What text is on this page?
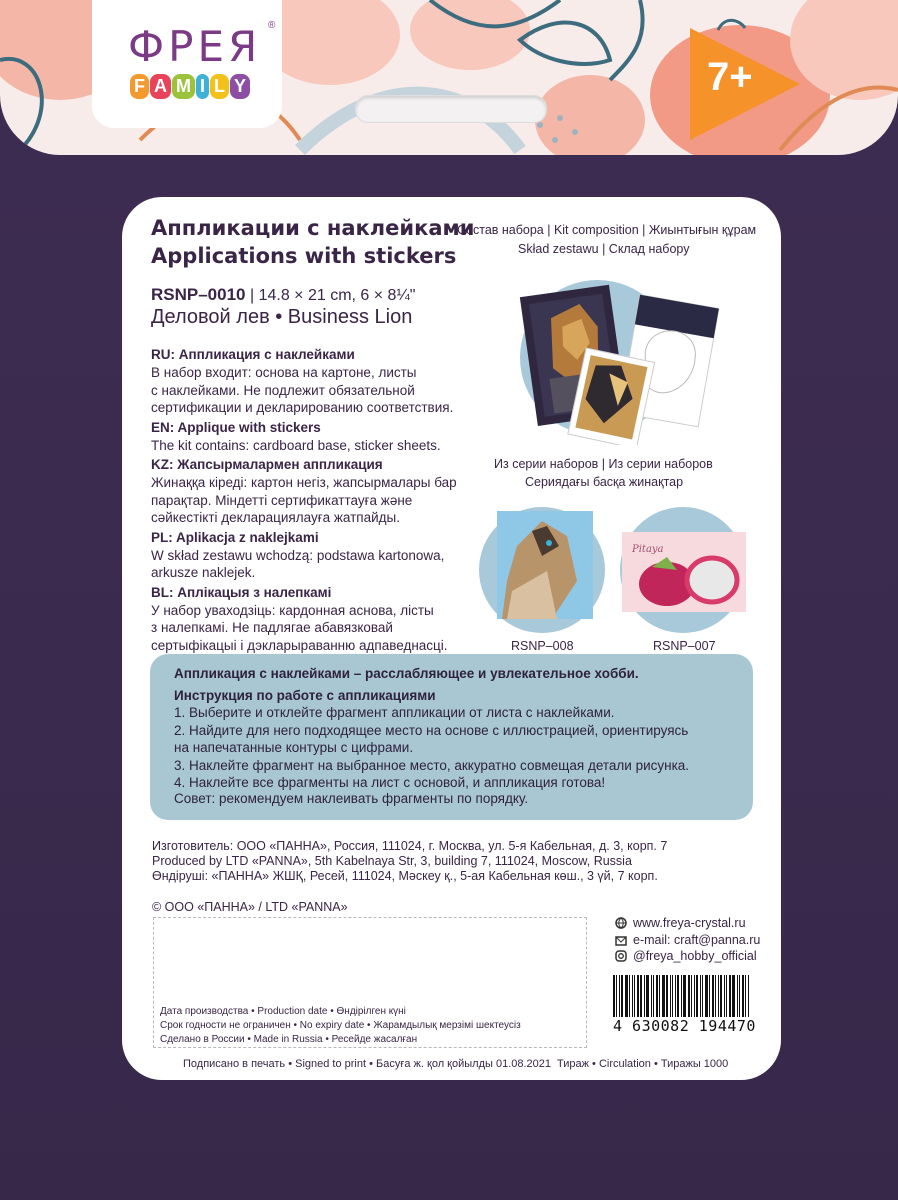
ФРЕЯ ®
F A M I L Y	7+
Аппликации с наклейками
Applications with stickers
RSNP–0010 | 14.8 × 21 cm, 6 × 8¼"
Деловой лев • Business Lion
RU: Аппликация с наклейками
В набор входит: основа на картоне, листы
с наклейками. Не подлежит обязательной
сертификации и декларированию соответствия.
EN: Applique with stickers
The kit contains: cardboard base, sticker sheets.
KZ: Жапсырмалармен аппликация
Жинаққа кіреді: картон негіз, жапсырмалары бар
парақтар. Міндетті сертификаттауға және
сәйкестікті декларациялауға жатпайды.
PL: Aplikacja z naklejkami
W skład zestawu wchodzą: podstawa kartonowa,
arkusze naklejek.
BL: Аплікацыя з налепкамі
У набор уваходзіць: кардонная аснова, лісты
з налепкамі. Не падлягае абавязковай
сертыфікацыі і дэкларыраванню адпаведнасці.
Состав набора | Kit composition | Жиынтығын құрам
Skład zestawu | Склад набору
Из серии наборов | Из серии наборов
Сериядағы басқа жинақтар
RSNP–008
Pitaya
RSNP–007
Аппликация с наклейками – расслабляющее и увлекательное хобби.
Инструкция по работе с аппликациями
1. Выберите и отклейте фрагмент аппликации от листа с наклейками.
2. Найдите для него подходящее место на основе с иллюстрацией, ориентируясь
на напечатанные контуры с цифрами.
3. Наклейте фрагмент на выбранное место, аккуратно совмещая детали рисунка.
4. Наклейте все фрагменты на лист с основой, и аппликация готова!
Совет: рекомендуем наклеивать фрагменты по порядку.
Изготовитель: ООО «ПАННА», Россия, 111024, г. Москва, ул. 5-я Кабельная, д. 3, корп. 7
Produced by LTD «PANNA», 5th Kabelnaya Str, 3, building 7, 111024, Moscow, Russia
Өндіруші: «ПАННА» ЖШҚ, Ресей, 111024, Мәскеу қ., 5-ая Кабельная көш., 3 үй, 7 корп.
© ООО «ПАННА» / LTD «PANNA»
Дата производства • Production date • Өндірілген күні
Срок годности не ограничен • No expiry date • Жарамдылық мерзімі шектеусіз
Сделано в России • Made in Russia • Ресейде жасалған
www.freya-crystal.ru
e-mail: craft@panna.ru
@freya_hobby_official
4 630082 194470
Подписано в печать • Signed to print • Басуға ж. қол қойылды 01.08.2021 Тираж • Circulation • Тиражы 1000
